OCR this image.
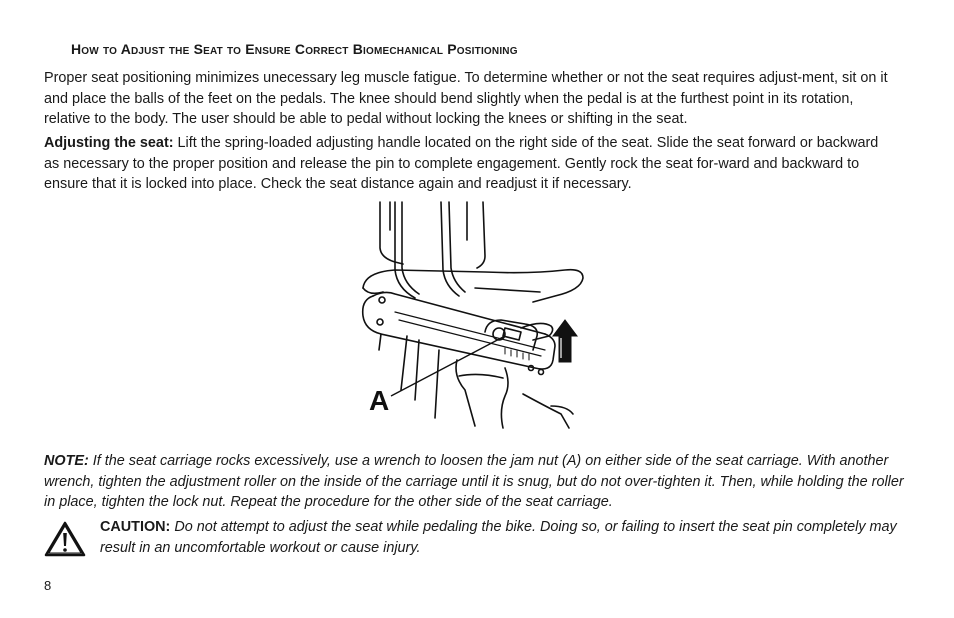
How to Adjust the Seat to Ensure Correct Biomechanical Positioning

Proper seat positioning minimizes unecessary leg muscle fatigue. To determine whether or not the seat requires adjust-ment, sit on it and place the balls of the feet on the pedals. The knee should bend slightly when the pedal is at the furthest point in its rotation, relative to the body. The user should be able to pedal without locking the knees or shifting in the seat.

Adjusting the seat: Lift the spring-loaded adjusting handle located on the right side of the seat. Slide the seat forward or backward as necessary to the proper position and release the pin to complete engagement. Gently rock the seat for-ward and backward to ensure that it is locked into place. Check the seat distance again and readjust it if necessary.

A

NOTE: If the seat carriage rocks excessively, use a wrench to loosen the jam nut (A) on either side of the seat carriage. With another wrench, tighten the adjustment roller on the inside of the carriage until it is snug, but do not over-tighten it. Then, while holding the roller in place, tighten the lock nut. Repeat the procedure for the other side of the seat carriage.

CAUTION: Do not attempt to adjust the seat while pedaling the bike. Doing so, or failing to insert the seat pin completely may result in an uncomfortable workout or cause injury.

8
